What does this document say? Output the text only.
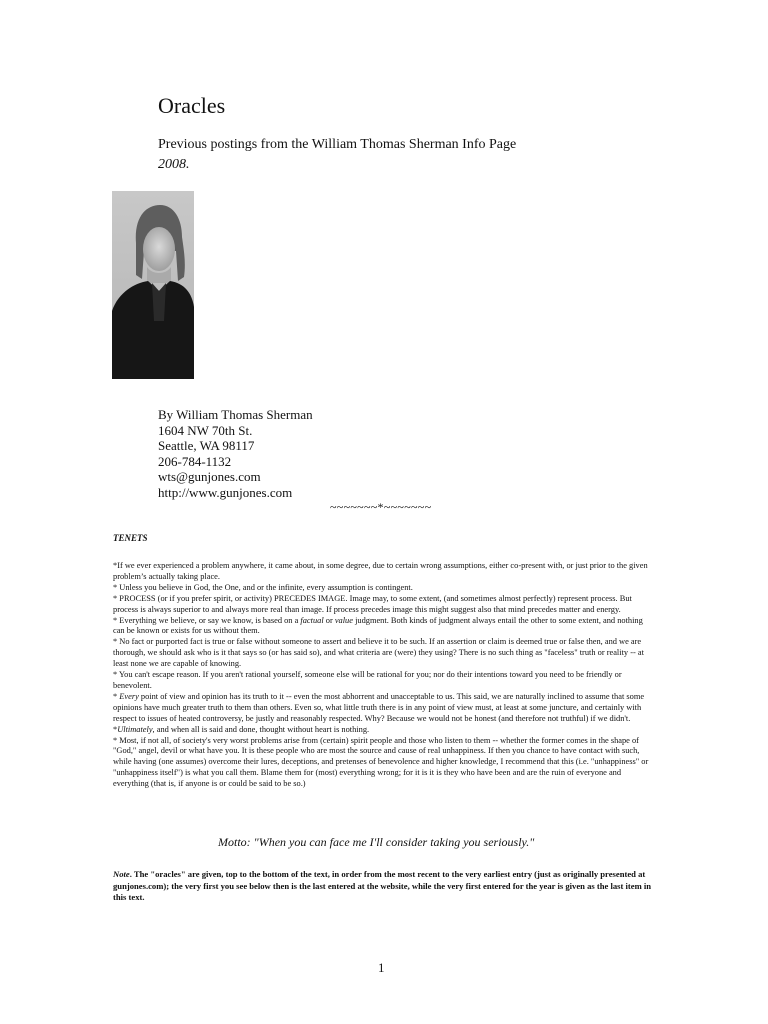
Oracles
Previous postings from the William Thomas Sherman Info Page
2008.
By William Thomas Sherman
1604 NW 70th St.
Seattle, WA 98117
206-784-1132
wts@gunjones.com
http://www.gunjones.com
~~~~~~~*~~~~~~~
TENETS

*If we ever experienced a problem anywhere, it came about, in some degree, due to certain wrong assumptions, either co-present with, or just prior to the given problem’s actually taking place.

* Unless you believe in God, the One, and or the infinite, every assumption is contingent.

* PROCESS (or if you prefer spirit, or activity) PRECEDES IMAGE. Image may, to some extent, (and sometimes almost perfectly) represent process. But process is always superior to and always more real than image. If process precedes image this might suggest also that mind precedes matter and energy.

* Everything we believe, or say we know, is based on a factual or value judgment. Both kinds of judgment always entail the other to some extent, and nothing can be known or exists for us without them.

* No fact or purported fact is true or false without someone to assert and believe it to be such. If an assertion or claim is deemed true or false then, and we are thorough, we should ask who is it that says so (or has said so), and what criteria are (were) they using? There is no such thing as "faceless" truth or reality -- at least none we are capable of knowing.

* You can't escape reason. If you aren't rational yourself, someone else will be rational for you; nor do their intentions toward you need to be friendly or benevolent.

* Every point of view and opinion has its truth to it -- even the most abhorrent and unacceptable to us. This said, we are naturally inclined to assume that some opinions have much greater truth to them than others. Even so, what little truth there is in any point of view must, at least at some juncture, and certainly with respect to issues of heated controversy, be justly and reasonably respected. Why? Because we would not be honest (and therefore not truthful) if we didn't.

*Ultimately, and when all is said and done, thought without heart is nothing.

* Most, if not all, of society's very worst problems arise from (certain) spirit people and those who listen to them -- whether the former comes in the shape of "God," angel, devil or what have you. It is these people who are most the source and cause of real unhappiness. If then you chance to have contact with such, while having (one assumes) overcome their lures, deceptions, and pretenses of benevolence and higher knowledge, I recommend that this (i.e. "unhappiness" or "unhappiness itself") is what you call them. Blame them for (most) everything wrong; for it is it is they who have been and are the ruin of everyone and everything (that is, if anyone is or could be said to be so.)

Motto: "When you can face me I'll consider taking you seriously."
Note. The "oracles" are given, top to the bottom of the text, in order from the most recent to the very earliest entry (just as originally presented at gunjones.com); the very first you see below then is the last entered at the website, while the very first entered for the year is given as the last item in this text.
1
